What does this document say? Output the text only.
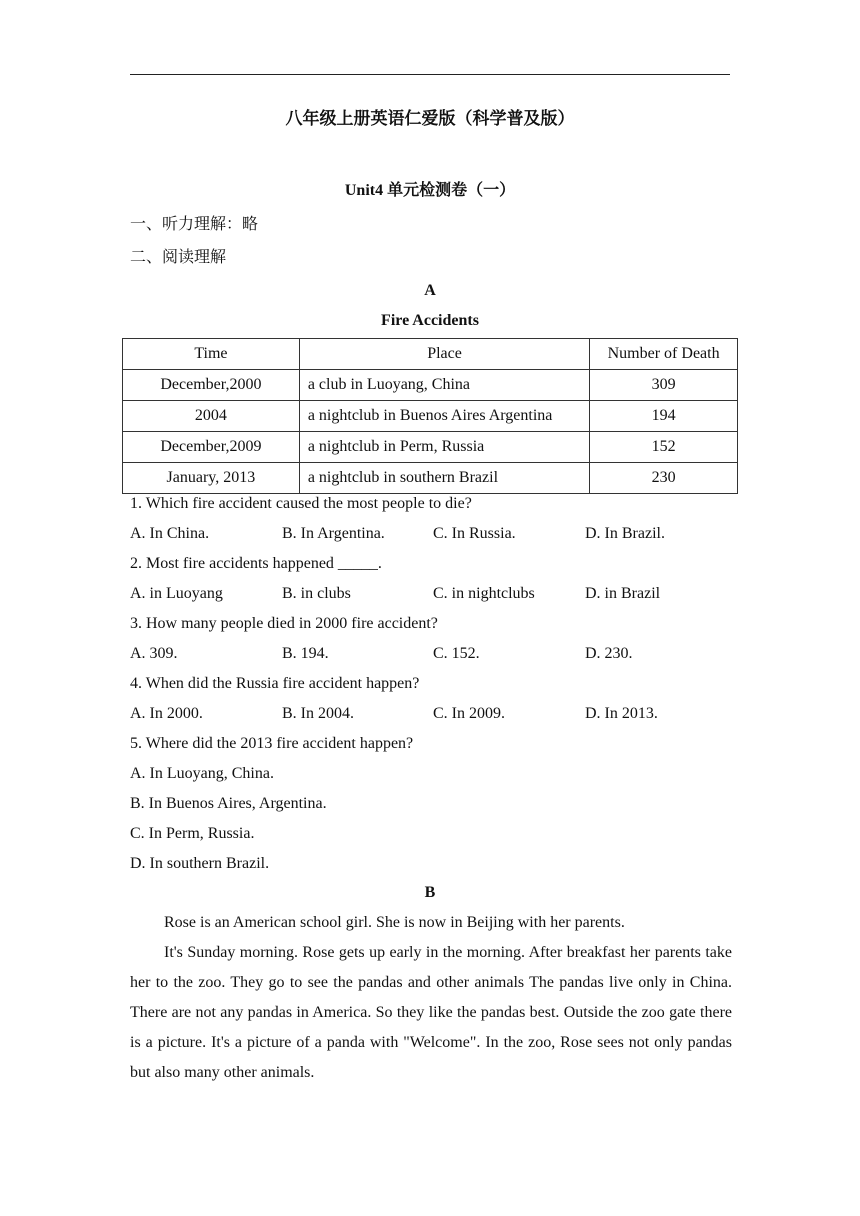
八年级上册英语仁爱版（科学普及版）
Unit4 单元检测卷（一）
一、听力理解：略
二、阅读理解
A
Fire Accidents
Time	Place	Number of Death
December,2000	a club in Luoyang, China	309
2004	a nightclub in Buenos Aires Argentina	194
December,2009	a nightclub in Perm, Russia	152
January, 2013	a nightclub in southern Brazil	230
1. Which fire accident caused the most people to die?
A. In China.	B. In Argentina.	C. In Russia.	D. In Brazil.
2. Most fire accidents happened _____.
A. in Luoyang	B. in clubs	C. in nightclubs	D. in Brazil
3. How many people died in 2000 fire accident?
A. 309.	B. 194.	C. 152.	D. 230.
4. When did the Russia fire accident happen?
A. In 2000.	B. In 2004.	C. In 2009.	D. In 2013.
5. Where did the 2013 fire accident happen?
A. In Luoyang, China.
B. In Buenos Aires, Argentina.
C. In Perm, Russia.
D. In southern Brazil.
B

Rose is an American school girl. She is now in Beijing with her parents.

It's Sunday morning. Rose gets up early in the morning. After breakfast her parents take her to the zoo. They go to see the pandas and other animals The pandas live only in China. There are not any pandas in America. So they like the pandas best. Outside the zoo gate there is a picture. It's a picture of a panda with "Welcome". In the zoo, Rose sees not only pandas but also many other animals.
